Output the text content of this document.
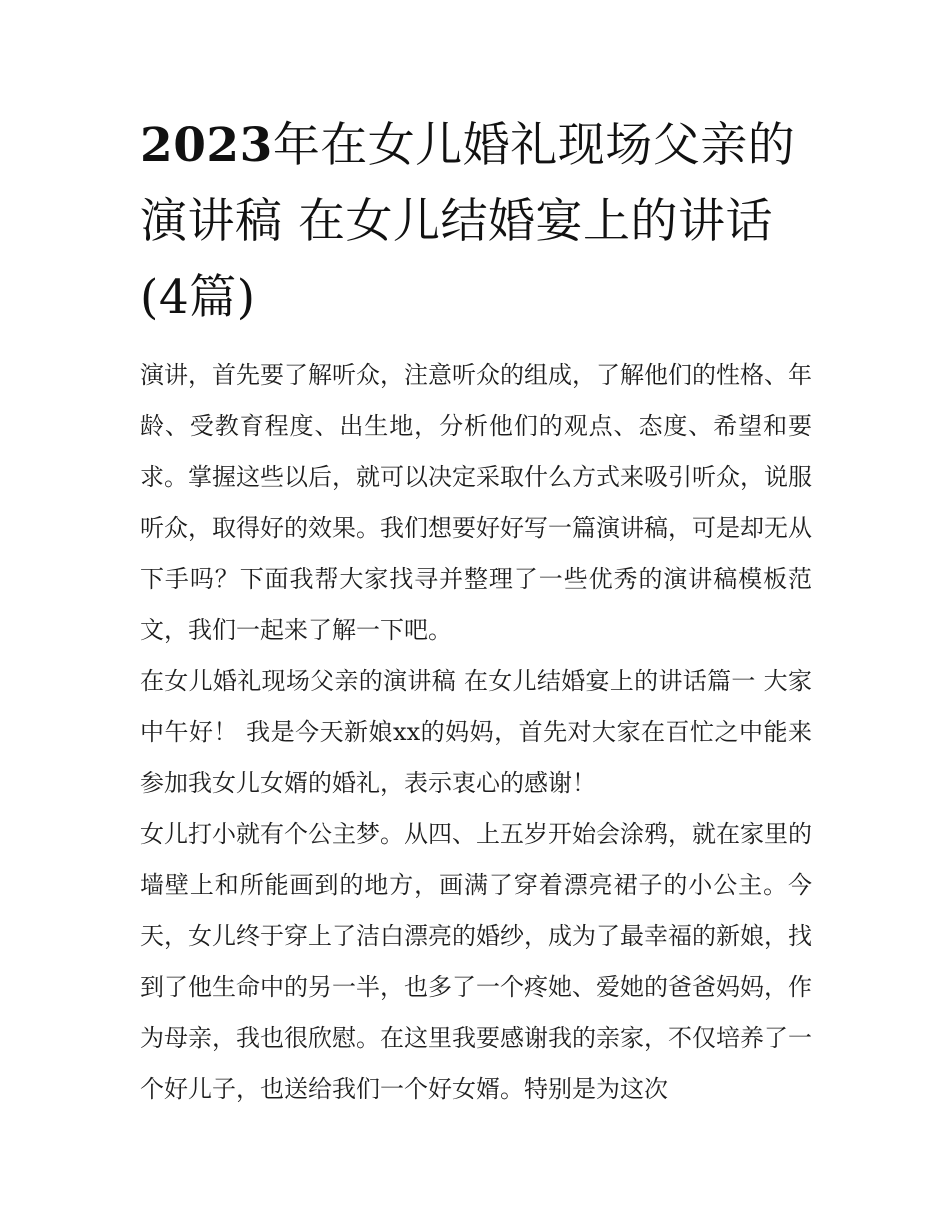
2023年在女儿婚礼现场父亲的演讲稿 在女儿结婚宴上的讲话(4篇)

演讲，首先要了解听众，注意听众的组成，了解他们的性格、年龄、受教育程度、出生地，分析他们的观点、态度、希望和要求。掌握这些以后，就可以决定采取什么方式来吸引听众，说服听众，取得好的效果。我们想要好好写一篇演讲稿，可是却无从下手吗？下面我帮大家找寻并整理了一些优秀的演讲稿模板范文，我们一起来了解一下吧。

在女儿婚礼现场父亲的演讲稿 在女儿结婚宴上的讲话篇一 大家中午好！ 我是今天新娘xx的妈妈，首先对大家在百忙之中能来参加我女儿女婿的婚礼，表示衷心的感谢！

女儿打小就有个公主梦。从四、上五岁开始会涂鸦，就在家里的墙壁上和所能画到的地方，画满了穿着漂亮裙子的小公主。今天，女儿终于穿上了洁白漂亮的婚纱，成为了最幸福的新娘，找到了他生命中的另一半，也多了一个疼她、爱她的爸爸妈妈，作为母亲，我也很欣慰。在这里我要感谢我的亲家，不仅培养了一个好儿子，也送给我们一个好女婿。特别是为这次
